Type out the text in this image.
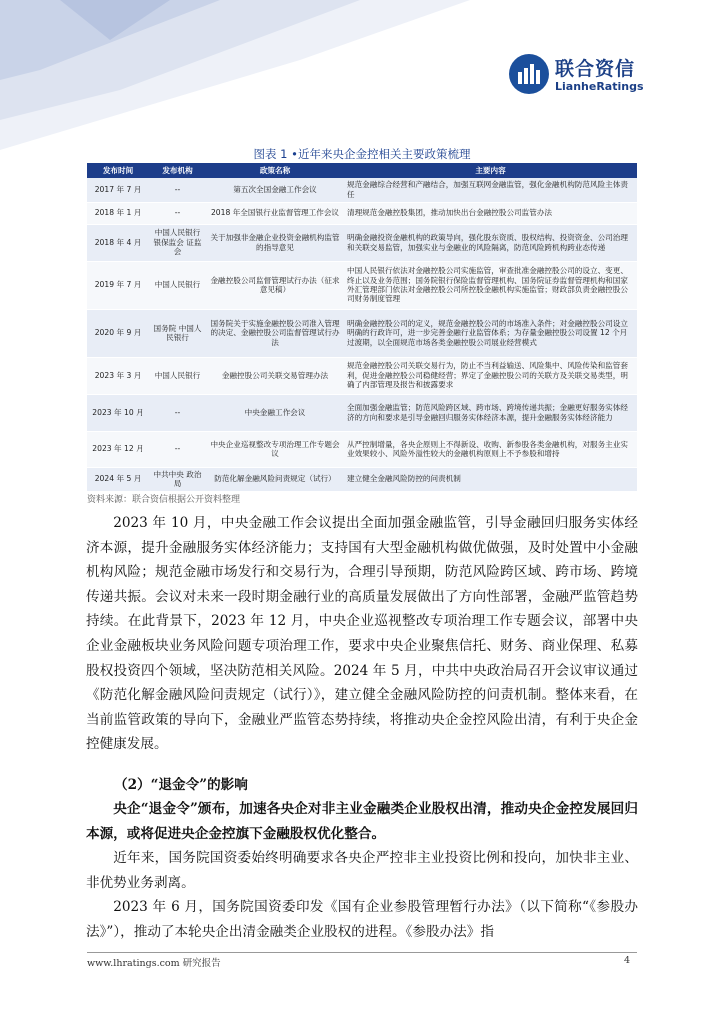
联合资信
LianheRatings
图表 1 •近年来央企金控相关主要政策梳理
发布时间	发布机构	政策名称	主要内容
2017 年 7 月	--	第五次全国金融工作会议	规范金融综合经营和产融结合，加强互联网金融监管，强化金融机构防范风险主体责任
2018 年 1 月	--	2018 年全国银行业监督管理工作会议	清理规范金融控股集团，推动加快出台金融控股公司监管办法
2018 年 4 月	中国人民银行 银保监会 证监会	关于加强非金融企业投资金融机构监管的指导意见	明确金融投资金融机构的政策导向，强化股东资质、股权结构、投资资金、公司治理和关联交易监管，加强实业与金融业的风险隔离，防范风险跨机构跨业态传递
2019 年 7 月	中国人民银行	金融控股公司监督管理试行办法（征求意见稿）	中国人民银行依法对金融控股公司实施监管，审查批准金融控股公司的设立、变更、终止以及业务范围；国务院银行保险监督管理机构、国务院证券监督管理机构和国家外汇管理部门依法对金融控股公司所控股金融机构实施监管；财政部负责金融控股公司财务制度管理
2020 年 9 月	国务院 中国人民银行	国务院关于实施金融控股公司准入管理的决定、金融控股公司监督管理试行办法	明确金融控股公司的定义，规范金融控股公司的市场准入条件；对金融控股公司设立明确的行政许可，进一步完善金融行业监管体系；为存量金融控股公司设置 12 个月过渡期，以全面规范市场各类金融控股公司展业经营模式
2023 年 3 月	中国人民银行	金融控股公司关联交易管理办法	规范金融控股公司关联交易行为，防止不当利益输送、风险集中、风险传染和监管套利，促进金融控股公司稳健经营；界定了金融控股公司的关联方及关联交易类型，明确了内部管理及报告和披露要求
2023 年 10 月	--	中央金融工作会议	全面加强金融监管；防范风险跨区域、跨市场、跨境传递共振；金融更好服务实体经济的方向和要求是引导金融回归服务实体经济本源，提升金融服务实体经济能力
2023 年 12 月	--	中央企业巡视整改专项治理工作专题会议	从严控制增量，各央企原则上不得新设、收购、新参股各类金融机构，对服务主业实业效果较小、风险外溢性较大的金融机构原则上不予参股和增持
2024 年 5 月	中共中央 政治局	防范化解金融风险问责规定（试行）	建立健全金融风险防控的问责机制
资料来源：联合资信根据公开资料整理

2023 年 10 月，中央金融工作会议提出全面加强金融监管，引导金融回归服务实体经济本源，提升金融服务实体经济能力；支持国有大型金融机构做优做强，及时处置中小金融机构风险；规范金融市场发行和交易行为，合理引导预期，防范风险跨区域、跨市场、跨境传递共振。会议对未来一段时期金融行业的高质量发展做出了方向性部署，金融严监管趋势持续。在此背景下，2023 年 12 月，中央企业巡视整改专项治理工作专题会议，部署中央企业金融板块业务风险问题专项治理工作，要求中央企业聚焦信托、财务、商业保理、私募股权投资四个领域，坚决防范相关风险。2024 年 5 月，中共中央政治局召开会议审议通过《防范化解金融风险问责规定（试行）》，建立健全金融风险防控的问责机制。整体来看，在当前监管政策的导向下，金融业严监管态势持续，将推动央企金控风险出清，有利于央企金控健康发展。

（2）“退金令”的影响

央企“退金令”颁布，加速各央企对非主业金融类企业股权出清，推动央企金控发展回归本源，或将促进央企金控旗下金融股权优化整合。

近年来，国务院国资委始终明确要求各央企严控非主业投资比例和投向，加快非主业、非优势业务剥离。

2023 年 6 月，国务院国资委印发《国有企业参股管理暂行办法》（以下简称“《参股办法》”），推动了本轮央企出清金融类企业股权的进程。《参股办法》指

www.lhratings.com 研究报告	4
